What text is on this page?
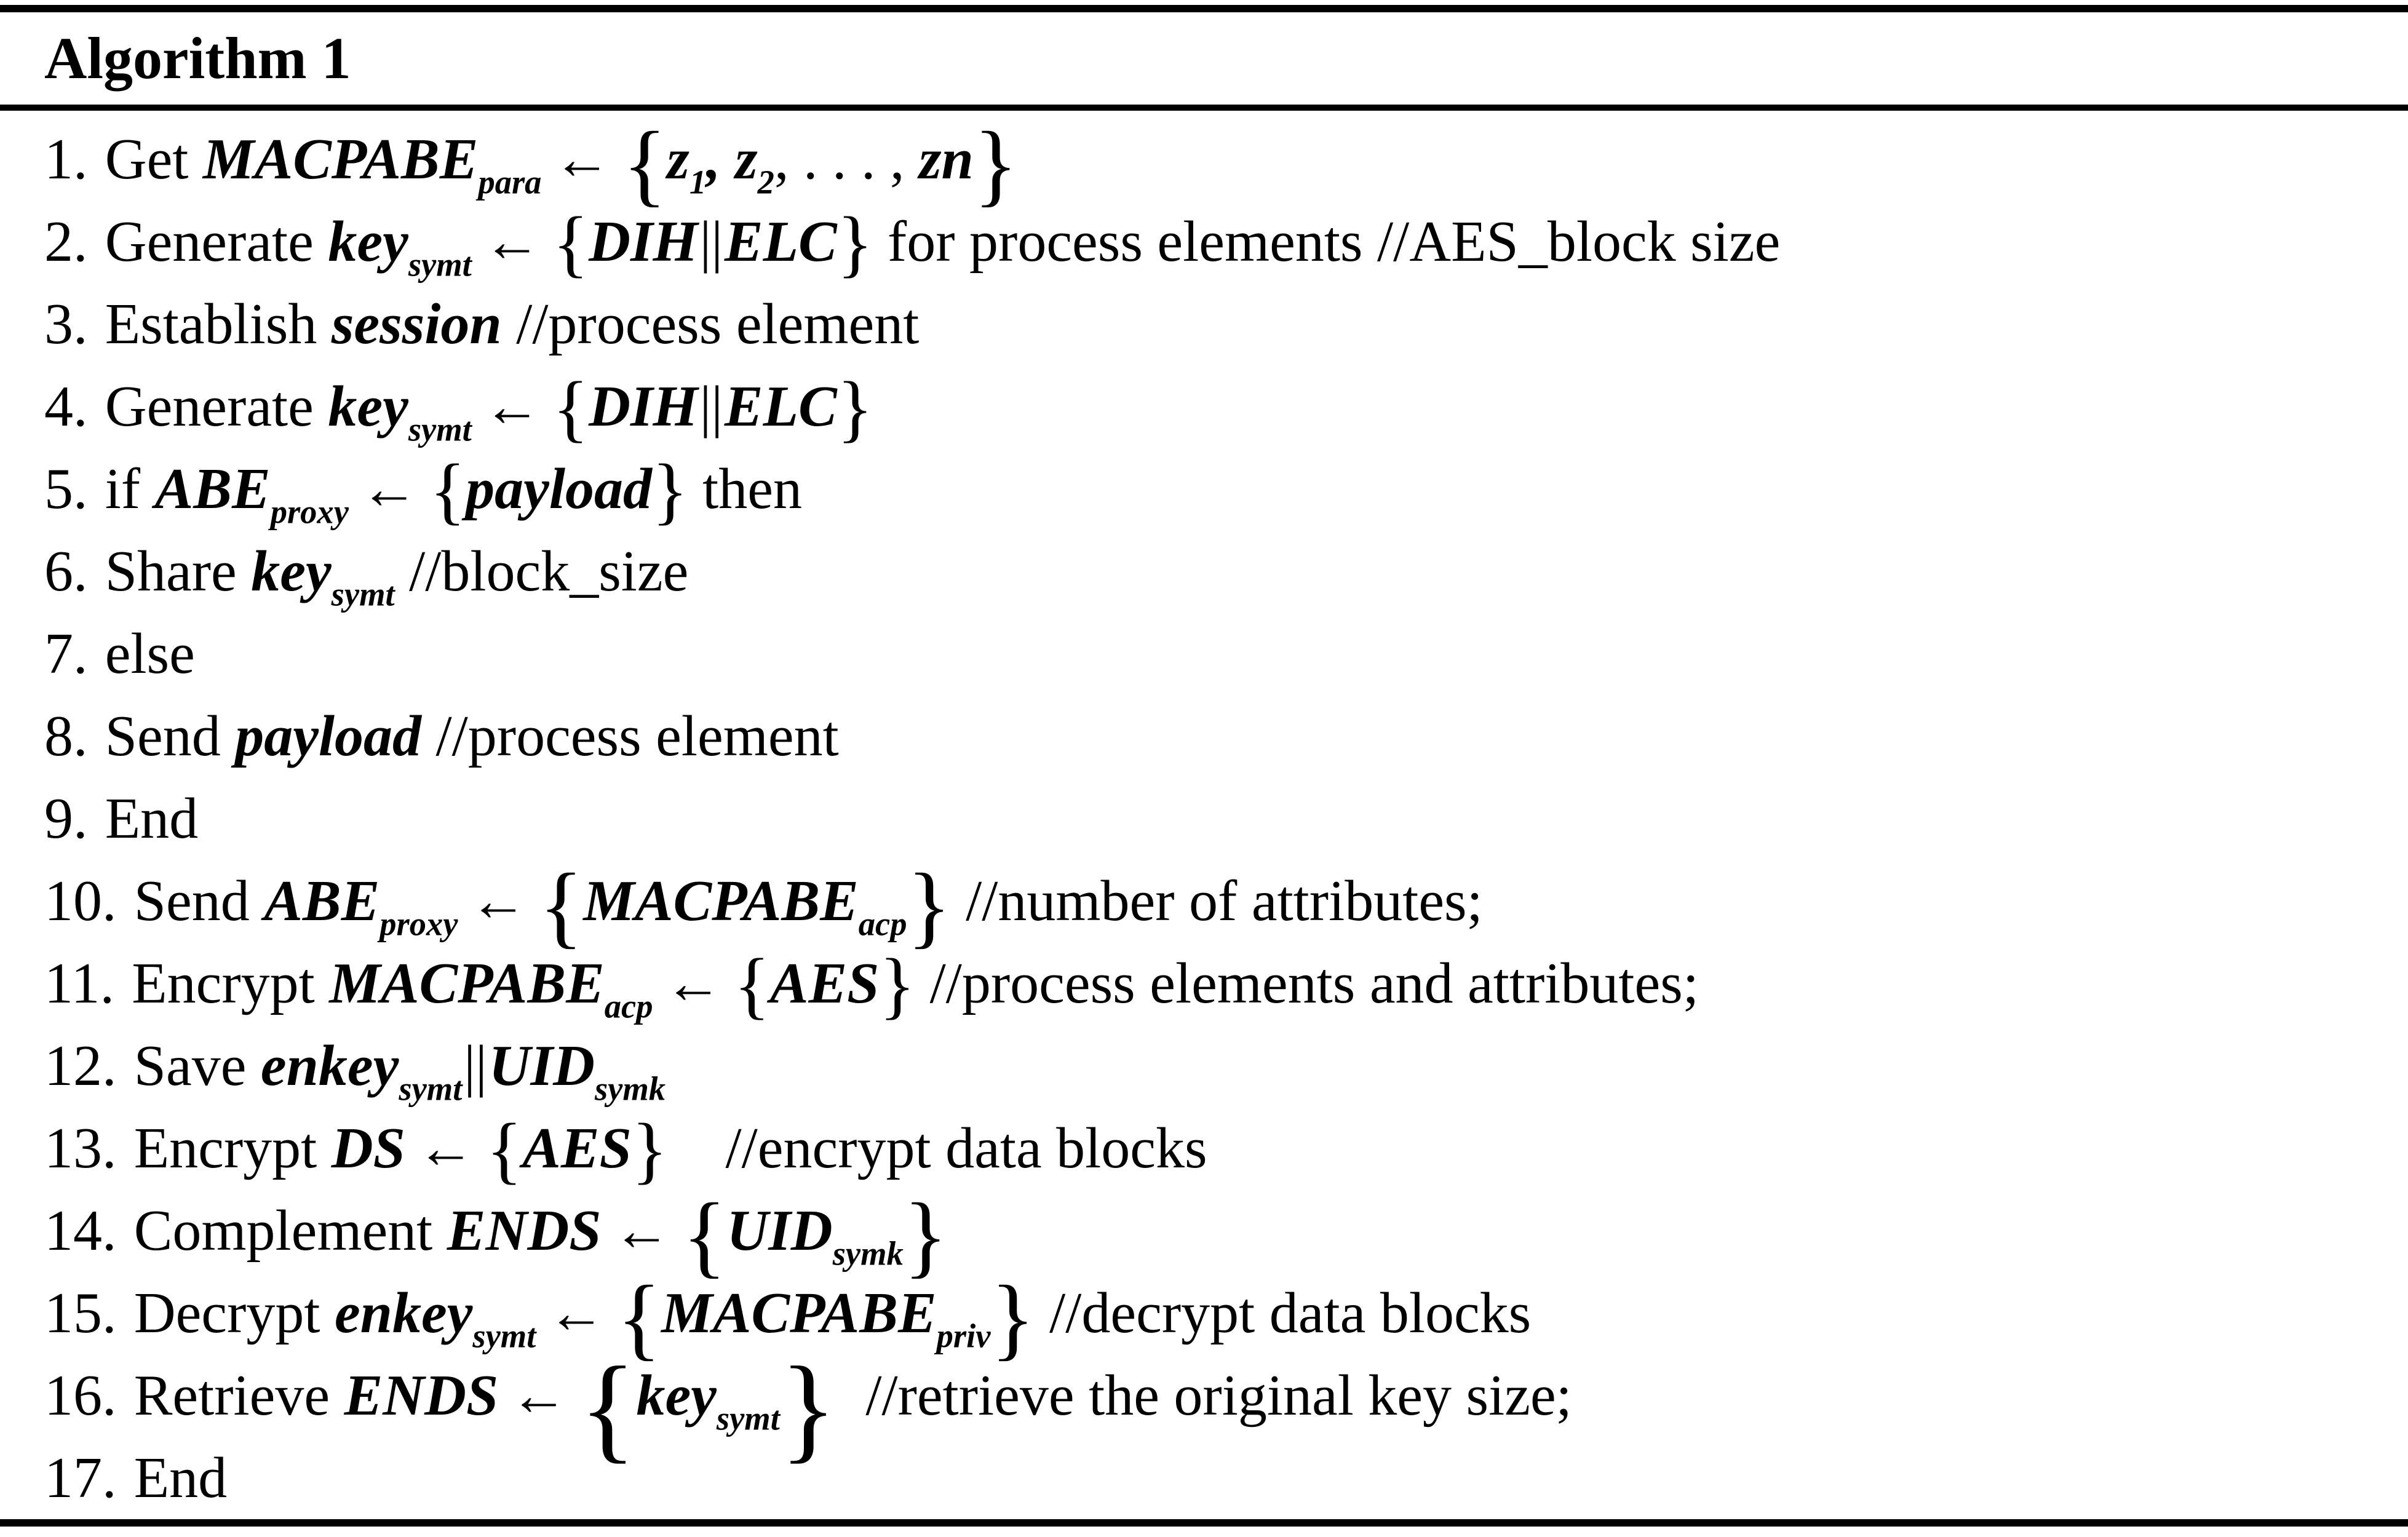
Algorithm 1
1. Get $MACPABE_{para}$ ← {$z_1$, $z_2$, . . . , zn}
2. Generate key$_{symt}$ ← {DIH||ELC} for process elements //AES_block size
3. Establish session //process element
4. Generate key$_{symt}$ ← {DIH||ELC}
5. if $ABE_{proxy}$ ← {payload} then
6. Share key$_{symt}$ //block_size
7. else
8. Send payload //process element
9. End
10. Send $ABE_{proxy}$ ← $\{MACPABE_{acp}\}$ //number of attributes;
11. Encrypt $MACPABE_{acp}$ ← {AES} //process elements and attributes;
12. Save $enkey_{symt}||UID_{symk}$
13. Encrypt DS ← {AES}    //encrypt data blocks
14. Complement ENDS ← $\{UID_{symk}\}$
15. Decrypt enkey$_{symt}$ ← $\{MACPABE_{priv}\}$ //decrypt data blocks
16. Retrieve ENDS ←{key$_{symt}$}  //retrieve the original key size;
17. End
